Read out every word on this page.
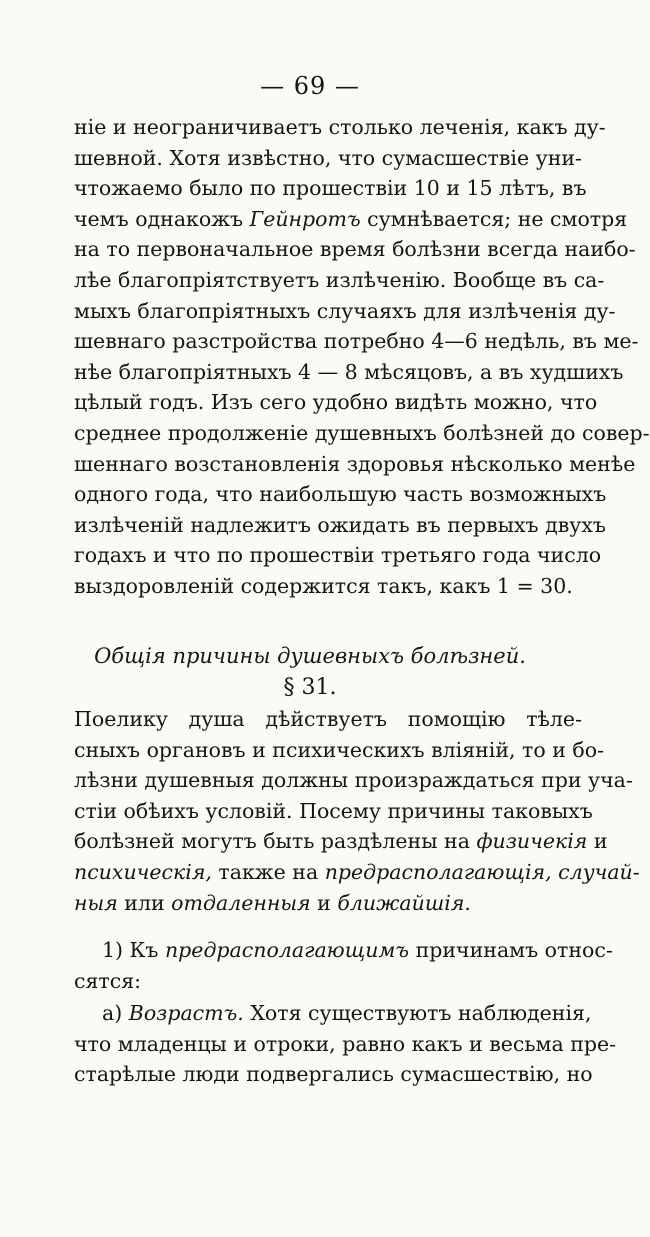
— 69 —
ніе и неограничиваетъ столько леченія, какъ ду-
шевной. Хотя извѣстно, что сумасшествіе уни-
чтожаемо было по прошествіи 10 и 15 лѣтъ, въ
чемъ однакожъ Гейнротъ сумнѣвается; не смотря
на то первоначальное время болѣзни всегда наибо-
лѣе благопріятствуетъ излѣченію. Вообще въ са-
мыхъ благопріятныхъ случаяхъ для излѣченія ду-
шевнаго разстройства потребно 4—6 недѣль, въ ме-
нѣе благопріятныхъ 4 — 8 мѣсяцовъ, а въ худшихъ
цѣлый годъ. Изъ сего удобно видѣть можно, что
среднее продолженіе душевныхъ болѣзней до совер-
шеннаго возстановленія здоровья нѣсколько менѣе
одного года, что наибольшую часть возможныхъ
излѣченій надлежитъ ожидать въ первыхъ двухъ
годахъ и что по прошествіи третьяго года число
выздоровленій содержится такъ, какъ 1 = 30.
Общія причины душевныхъ болѣзней.
§ 31.
Поелику душа дѣйствуетъ помощію тѣле-
сныхъ органовъ и психическихъ вліяній, то и бо-
лѣзни душевныя должны произраждаться при уча-
стіи обѣихъ условій. Посему причины таковыхъ
болѣзней могутъ быть раздѣлены на физичекія и
психическія, также на предрасполагающія, случай-
ныя или отдаленныя и ближайшія.
1) Къ предрасполагающимъ причинамъ относ-
сятся:
а) Возрастъ. Хотя существуютъ наблюденія,
что младенцы и отроки, равно какъ и весьма пре-
старѣлые люди подвергались сумасшествію, но
